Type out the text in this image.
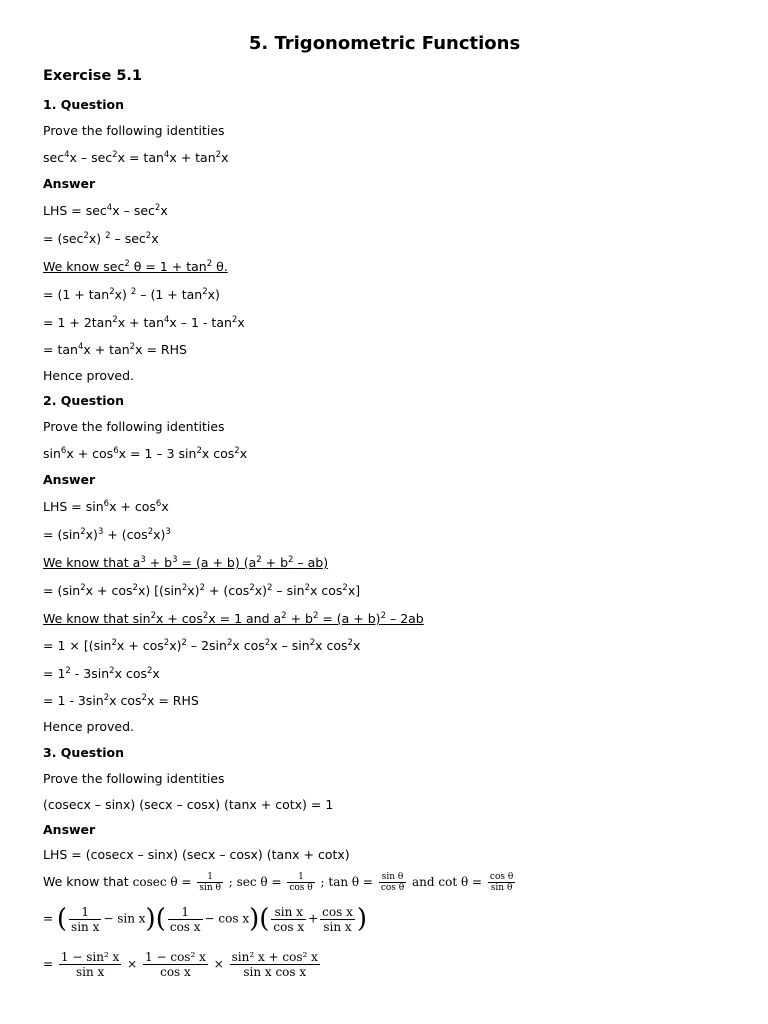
5. Trigonometric Functions
Exercise 5.1
1. Question
Prove the following identities
$\sec^4x - \sec^2x = \tan^4x + \tan^2x$
Answer
LHS = $\sec^4x - \sec^2x$
= $(\sec^2x)$ $^2 - \sec^2x$
We know $\sec^2 \theta = 1 + \tan^2 \theta$.
= $(1 + \tan^2x)$ $^2 - (1 + \tan^2x)$
= $1 + 2\tan^2x + \tan^4x - 1 - \tan^2x$
= $\tan^4x + \tan^2x$ = RHS
Hence proved.
2. Question
Prove the following identities
$\sin^6x + \cos^6x = 1 - 3$ $\sin^2x$ $\cos^2x$
Answer
LHS = $\sin^6x + \cos^6x$
= $(\sin^2x)^3 + (\cos^2x)^3$
We know that $a^3 + b^3 = (a + b) (a^2 + b^2 - ab)$
= $(\sin^2x + \cos^2x) [(\sin^2x)^2 + (\cos^2x)^2 - \sin^2x$ $\cos^2x$]
We know that $\sin^2x + \cos^2x = 1$ and $a^2 + b^2 = (a + b)^2 - 2ab$
= $1 \times [(\sin^2x + \cos^2x)^2 - 2\sin^2x$ $\cos^2x - \sin^2x$ $\cos^2x$
= $1^2 - 3\sin^2x$ $\cos^2x$
= $1 - 3\sin^2x$ $\cos^2x$ = RHS
Hence proved.
3. Question
Prove the following identities
(cosecx – sinx) (secx – cosx) (tanx + cotx) = 1
Answer
LHS = (cosecx – sinx) (secx – cosx) (tanx + cotx)
We know that cosec $\theta = \frac{1}{\text{sin θ}}$ ; $\sec \theta = \frac{1}{\text{cos θ}}$ ; $\tan \theta = \frac{\text{sin θ}}{\text{cos θ}}$ and $\cot \theta = \frac{\text{cos θ}}{\text{sin θ}}$
= ( $\frac{1}{\text{sin x}} - \sin x)( \frac{1}{\text{cos x}} - \cos x)( \frac{\text{sin x}}{\text{cos x}} + \frac{\text{cos x}}{\text{sin x}}$ )
= $\frac{\text{1 − sin² x}}{\text{sin x}} \times \frac{\text{1 − cos² x}}{\text{cos x}} \times \frac{\text{sin² x + cos² x}}{\text{sin x cos x}}$
